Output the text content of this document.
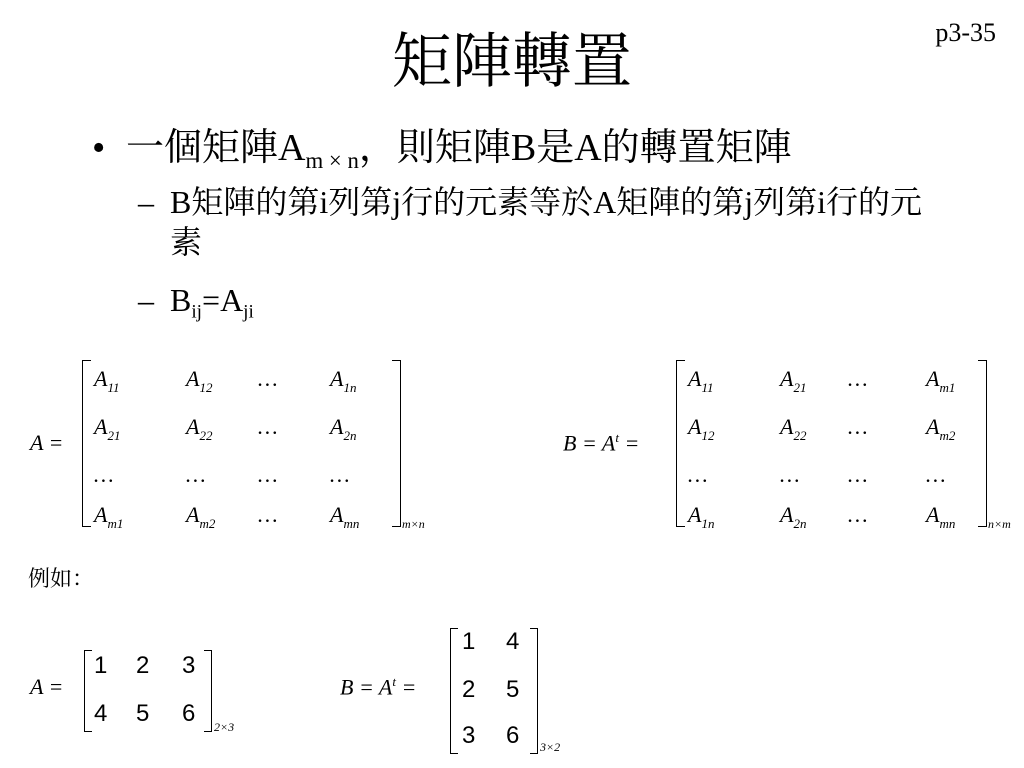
p3-35
矩陣轉置
• 一個矩陣$A_{m \times n}$，則矩陣B是A的轉置矩陣
– B矩陣的第i列第j行的元素等於A矩陣的第j列第i行的元素
– $B_{ij}=A_{ji}$
A =
$A_{11}$	$A_{12}$ … $A_{1n}$
$A_{21}$	$A_{22}$ … $A_{2n}$
…	… … …
$A_{m1}$	$A_{m2}$ … $A_{mn}$	m×n
$B = A^t$ =
$A_{11}$	$A_{21}$ …	$A_{m1}$
$A_{12}$	$A_{22}$ …	$A_{m2}$
…	… …	…
$A_{1n}$	$A_{2n}$ …	$A_{mn}$	n×m
例如：
A =
1 2 3
4 5 6 2×3
$B = A^t$ =
1 4
2 5
3 6 3×2
